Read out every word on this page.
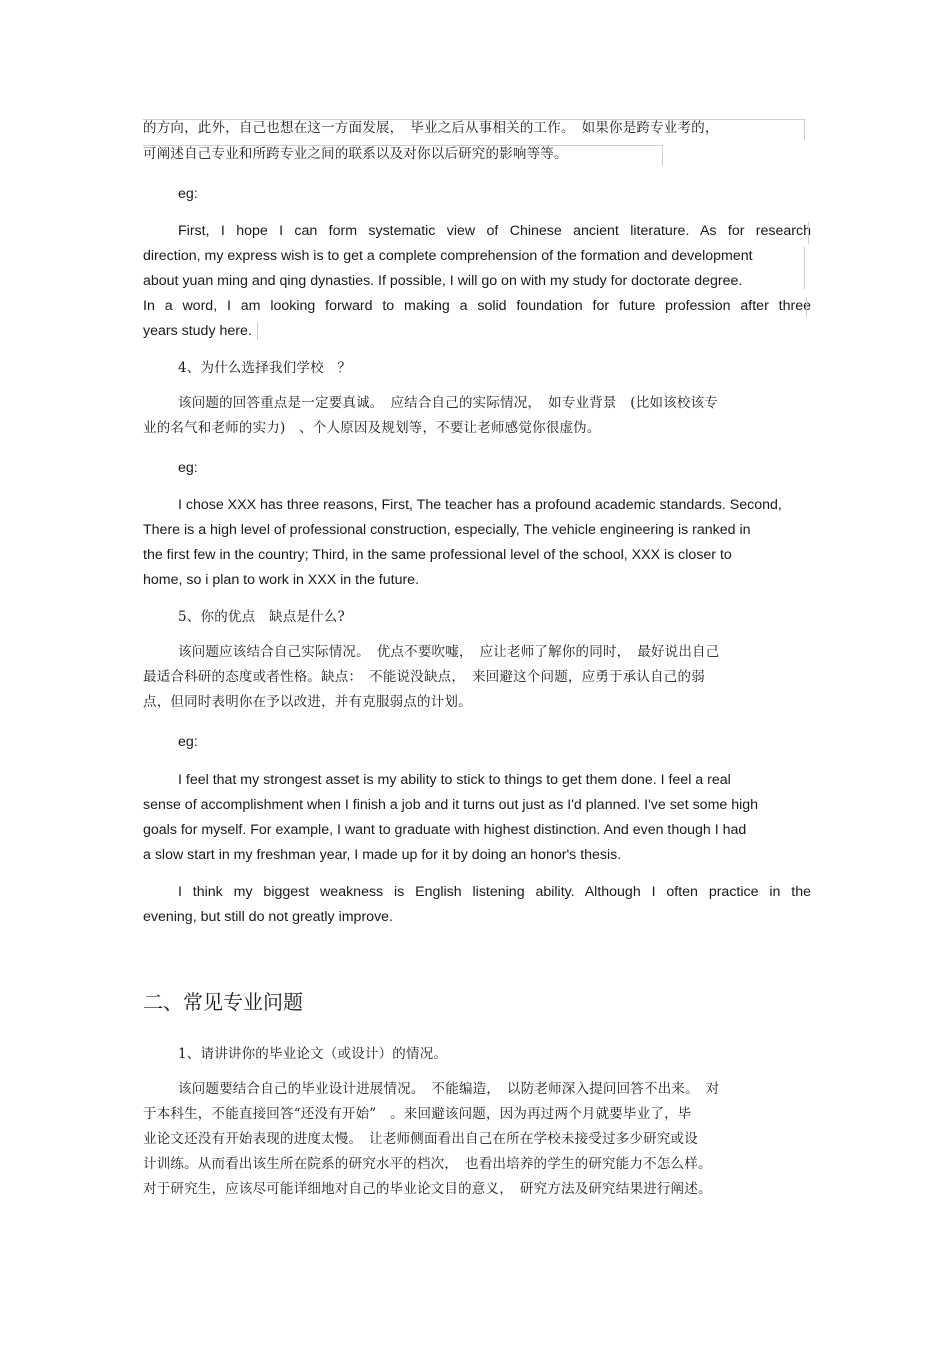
的方向，此外，自己也想在这一方面发展，　毕业之后从事相关的工作。　如果你是跨专业考的，
可阐述自己专业和所跨专业之间的联系以及对你以后研究的影响等等。
eg:
First, I hope I can form systematic view of Chinese ancient literature. As for research
direction, my express wish is to get a complete comprehension of the formation and development
about yuan ming and qing dynasties. If possible, I will go on with my study for doctorate degree.
In a word, I am looking forward to making a solid foundation for future profession after three
years study here.
4、为什么选择我们学校　？
该问题的回答重点是一定要真诚。　应结合自己的实际情况，　如专业背景　(比如该校该专
业的名气和老师的实力)　、个人原因及规划等，不要让老师感觉你很虚伪。
eg:
I chose XXX has three reasons, First, The teacher has a profound academic standards. Second,
There is a high level of professional construction, especially, The vehicle engineering is ranked in
the first few in the country; Third, in the same professional level of the school, XXX is closer to
home, so i plan to work in XXX in the future.
5、你的优点　缺点是什么?
该问题应该结合自己实际情况。　优点不要吹嘘，　应让老师了解你的同时，　最好说出自己
最适合科研的态度或者性格。缺点：　不能说没缺点，　来回避这个问题，应勇于承认自己的弱
点，但同时表明你在予以改进，并有克服弱点的计划。
eg:
I feel that my strongest asset is my ability to stick to things to get them done. I feel a real
sense of accomplishment when I finish a job and it turns out just as I'd planned. I've set some high
goals for myself. For example, I want to graduate with highest distinction. And even though I had
a slow start in my freshman year, I made up for it by doing an honor's thesis.
I think my biggest weakness is English listening ability. Although I often practice in the
evening, but still do not greatly improve.
二、常见专业问题
1、请讲讲你的毕业论文（或设计）的情况。
该问题要结合自己的毕业设计进展情况。　不能编造，　以防老师深入提问回答不出来。　对
于本科生，不能直接回答“还没有开始”　。来回避该问题，因为再过两个月就要毕业了，毕
业论文还没有开始表现的进度太慢。　让老师侧面看出自己在所在学校未接受过多少研究或设
计训练。从而看出该生所在院系的研究水平的档次，　也看出培养的学生的研究能力不怎么样。
对于研究生，应该尽可能详细地对自己的毕业论文目的意义，　研究方法及研究结果进行阐述。
